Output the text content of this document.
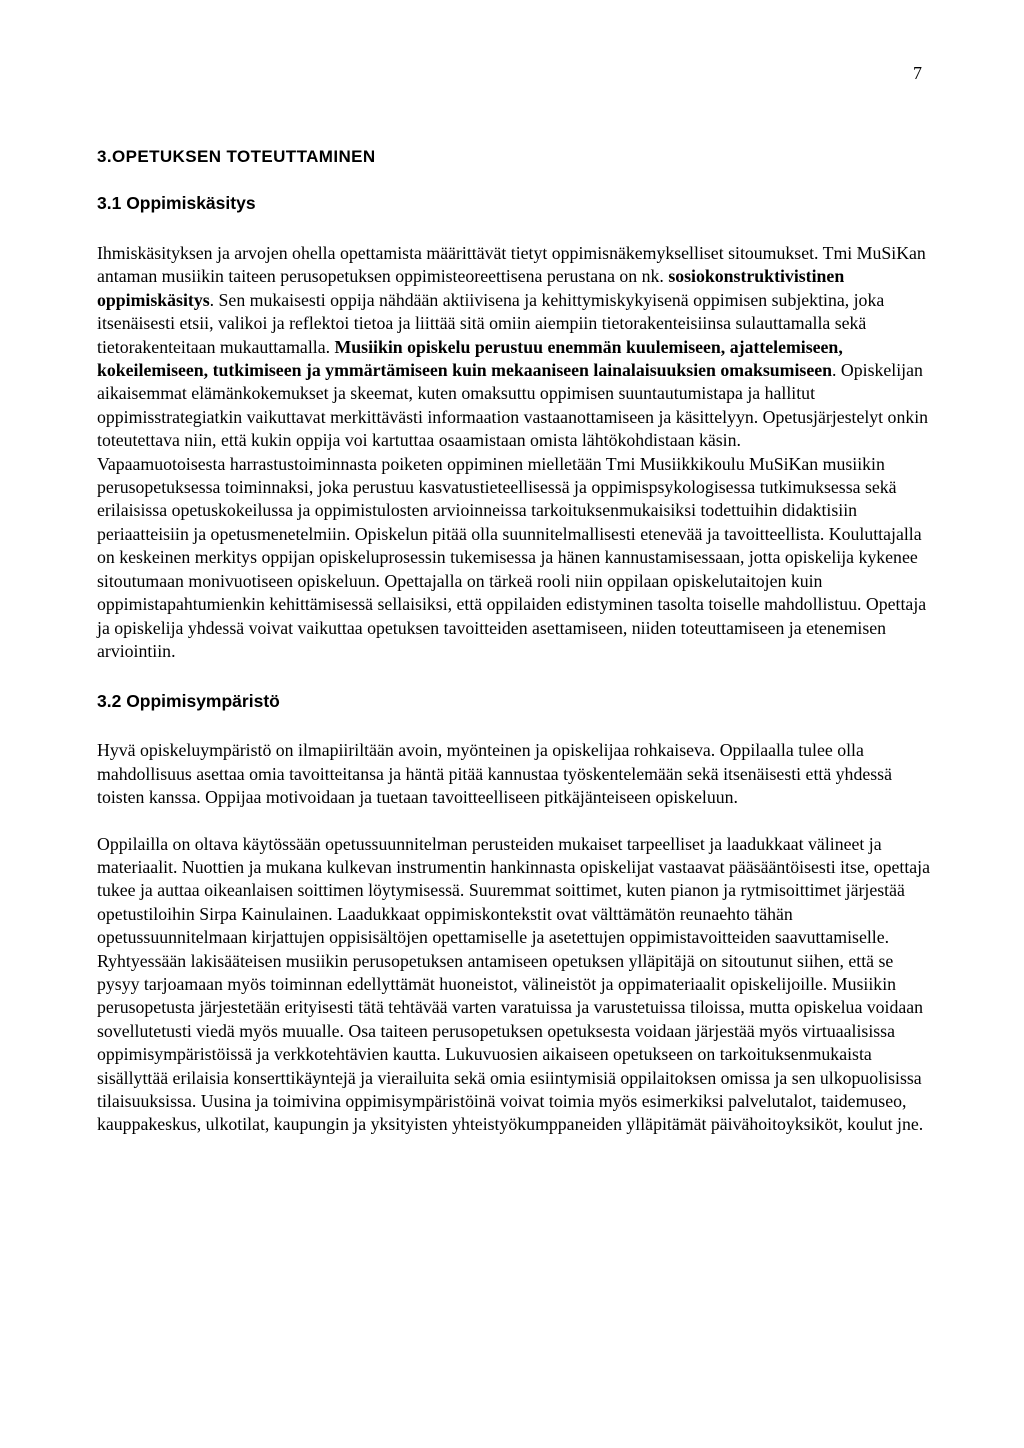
7
3.OPETUKSEN TOTEUTTAMINEN
3.1 Oppimiskäsitys

Ihmiskäsityksen ja arvojen ohella opettamista määrittävät tietyt oppimisnäkemykselliset sitoumukset. Tmi MuSiKan antaman musiikin taiteen perusopetuksen oppimisteoreettisena perustana on nk. sosiokonstruktivistinen oppimiskäsitys. Sen mukaisesti oppija nähdään aktiivisena ja kehittymiskykyisenä oppimisen subjektina, joka itsenäisesti etsii, valikoi ja reflektoi tietoa ja liittää sitä omiin aiempiin tietorakenteisiinsa sulauttamalla sekä tietorakenteitaan mukauttamalla. Musiikin opiskelu perustuu enemmän kuulemiseen, ajattelemiseen, kokeilemiseen, tutkimiseen ja ymmärtämiseen kuin mekaaniseen lainalaisuuksien omaksumiseen. Opiskelijan aikaisemmat elämänkokemukset ja skeemat, kuten omaksuttu oppimisen suuntautumistapa ja hallitut oppimisstrategiatkin vaikuttavat merkittävästi informaation vastaanottamiseen ja käsittelyyn. Opetusjärjestelyt onkin toteutettava niin, että kukin oppija voi kartuttaa osaamistaan omista lähtökohdistaan käsin.

Vapaamuotoisesta harrastustoiminnasta poiketen oppiminen mielletään Tmi Musiikkikoulu MuSiKan musiikin perusopetuksessa toiminnaksi, joka perustuu kasvatustieteellisessä ja oppimispsykologisessa tutkimuksessa sekä erilaisissa opetuskokeilussa ja oppimistulosten arvioinneissa tarkoituksenmukaisiksi todettuihin didaktisiin periaatteisiin ja opetusmenetelmiin. Opiskelun pitää olla suunnitelmallisesti etenevää ja tavoitteellista. Kouluttajalla on keskeinen merkitys oppijan opiskeluprosessin tukemisessa ja hänen kannustamisessaan, jotta opiskelija kykenee sitoutumaan monivuotiseen opiskeluun. Opettajalla on tärkeä rooli niin oppilaan opiskelutaitojen kuin oppimistapahtumienkin kehittämisessä sellaisiksi, että oppilaiden edistyminen tasolta toiselle mahdollistuu. Opettaja ja opiskelija yhdessä voivat vaikuttaa opetuksen tavoitteiden asettamiseen, niiden toteuttamiseen ja etenemisen arviointiin.

3.2 Oppimisympäristö

Hyvä opiskeluympäristö on ilmapiiriltään avoin, myönteinen ja opiskelijaa rohkaiseva. Oppilaalla tulee olla mahdollisuus asettaa omia tavoitteitansa ja häntä pitää kannustaa työskentelemään sekä itsenäisesti että yhdessä toisten kanssa. Oppijaa motivoidaan ja tuetaan tavoitteelliseen pitkäjänteiseen opiskeluun.

Oppilailla on oltava käytössään opetussuunnitelman perusteiden mukaiset tarpeelliset ja laadukkaat välineet ja materiaalit. Nuottien ja mukana kulkevan instrumentin hankinnasta opiskelijat vastaavat pääsääntöisesti itse, opettaja tukee ja auttaa oikeanlaisen soittimen löytymisessä. Suuremmat soittimet, kuten pianon ja rytmisoittimet järjestää opetustiloihin Sirpa Kainulainen. Laadukkaat oppimiskontekstit ovat välttämätön reunaehto tähän opetussuunnitelmaan kirjattujen oppisisältöjen opettamiselle ja asetettujen oppimistavoitteiden saavuttamiselle. Ryhtyessään lakisääteisen musiikin perusopetuksen antamiseen opetuksen ylläpitäjä on sitoutunut siihen, että se pysyy tarjoamaan myös toiminnan edellyttämät huoneistot, välineistöt ja oppimateriaalit opiskelijoille. Musiikin perusopetusta järjestetään erityisesti tätä tehtävää varten varatuissa ja varustetuissa tiloissa, mutta opiskelua voidaan sovellutetusti viedä myös muualle. Osa taiteen perusopetuksen opetuksesta voidaan järjestää myös virtuaalisissa oppimisympäristöissä ja verkkotehtävien kautta. Lukuvuosien aikaiseen opetukseen on tarkoituksenmukaista sisällyttää erilaisia konserttikäyntejä ja vierailuita sekä omia esiintymisiä oppilaitoksen omissa ja sen ulkopuolisissa tilaisuuksissa. Uusina ja toimivina oppimisympäristöinä voivat toimia myös esimerkiksi palvelutalot, taidemuseo, kauppakeskus, ulkotilat, kaupungin ja yksityisten yhteistyökumppaneiden ylläpitämät päivähoitoyksiköt, koulut jne.
